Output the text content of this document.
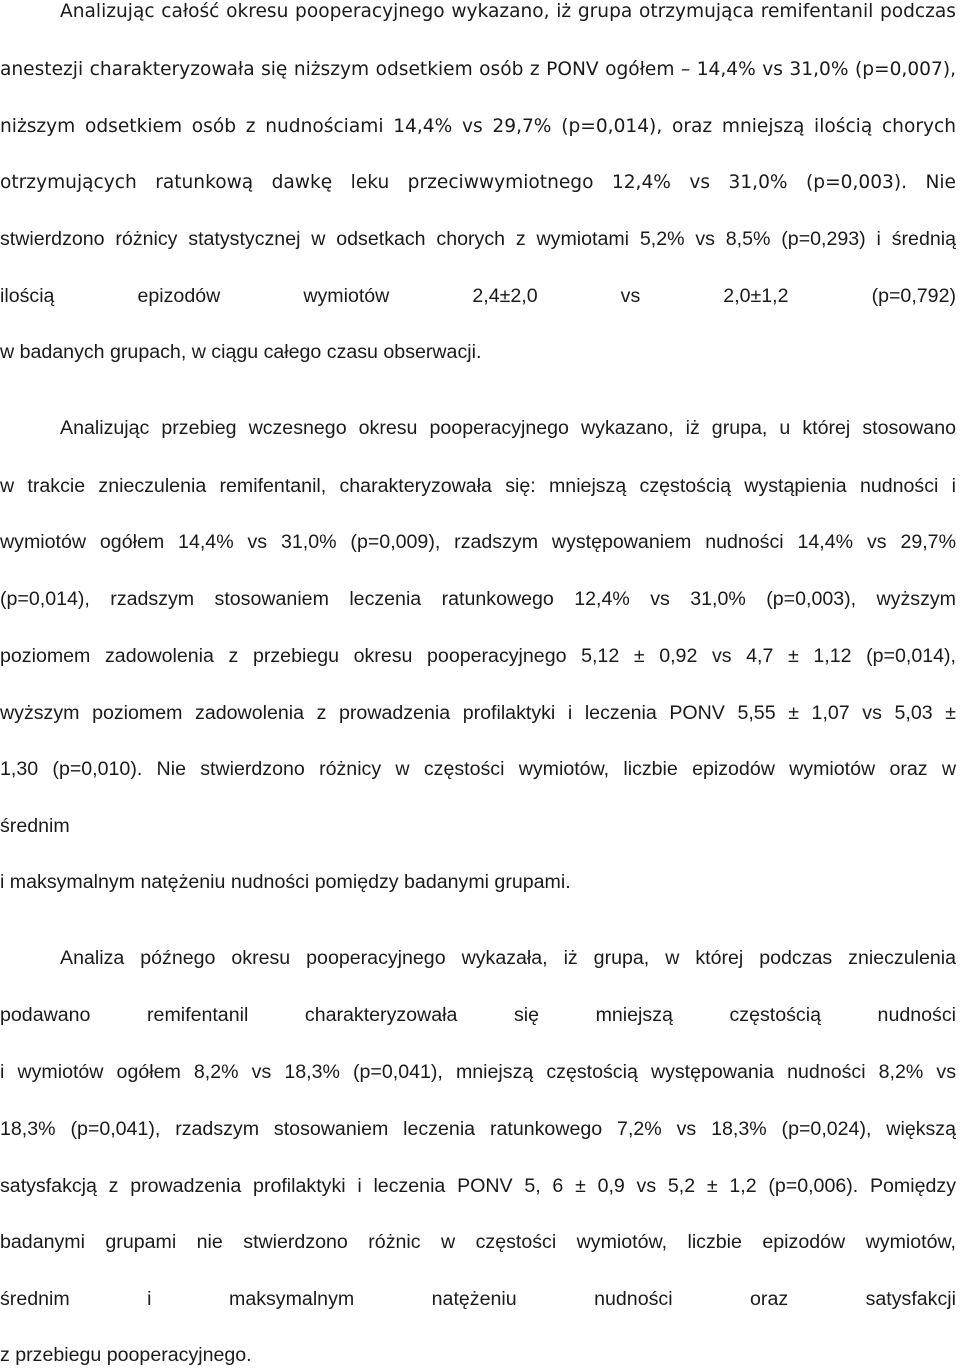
Analizując całość okresu pooperacyjnego wykazano, iż grupa otrzymująca remifentanil podczas
anestezji charakteryzowała się niższym odsetkiem osób z PONV ogółem – 14,4% vs 31,0% (p=0,007),
niższym odsetkiem osób z nudnościami 14,4% vs 29,7% (p=0,014), oraz mniejszą ilością chorych
otrzymujących ratunkową dawkę leku przeciwwymiotnego 12,4% vs 31,0% (p=0,003). Nie
stwierdzono różnicy statystycznej w odsetkach chorych z wymiotami 5,2% vs 8,5% (p=0,293) i średnią
ilością epizodów wymiotów 2,4±2,0 vs 2,0±1,2 (p=0,792)
w badanych grupach, w ciągu całego czasu obserwacji.
Analizując przebieg wczesnego okresu pooperacyjnego wykazano, iż grupa, u której stosowano
w trakcie znieczulenia remifentanil, charakteryzowała się: mniejszą częstością wystąpienia nudności i
wymiotów ogółem 14,4% vs 31,0% (p=0,009), rzadszym występowaniem nudności 14,4% vs 29,7%
(p=0,014), rzadszym stosowaniem leczenia ratunkowego 12,4% vs 31,0% (p=0,003), wyższym
poziomem zadowolenia z przebiegu okresu pooperacyjnego 5,12 ± 0,92 vs 4,7 ± 1,12 (p=0,014),
wyższym poziomem zadowolenia z prowadzenia profilaktyki i leczenia PONV 5,55 ± 1,07 vs 5,03 ±
1,30 (p=0,010). Nie stwierdzono różnicy w częstości wymiotów, liczbie epizodów wymiotów oraz w
średnim
i maksymalnym natężeniu nudności pomiędzy badanymi grupami.
Analiza późnego okresu pooperacyjnego wykazała, iż grupa, w której podczas znieczulenia
podawano remifentanil charakteryzowała się mniejszą częstością nudności
i wymiotów ogółem 8,2% vs 18,3% (p=0,041), mniejszą częstością występowania nudności 8,2% vs
18,3% (p=0,041), rzadszym stosowaniem leczenia ratunkowego 7,2% vs 18,3% (p=0,024), większą
satysfakcją z prowadzenia profilaktyki i leczenia PONV 5, 6 ± 0,9 vs 5,2 ± 1,2 (p=0,006). Pomiędzy
badanymi grupami nie stwierdzono różnic w częstości wymiotów, liczbie epizodów wymiotów,
średnim i maksymalnym natężeniu nudności oraz satysfakcji
z przebiegu pooperacyjnego.
